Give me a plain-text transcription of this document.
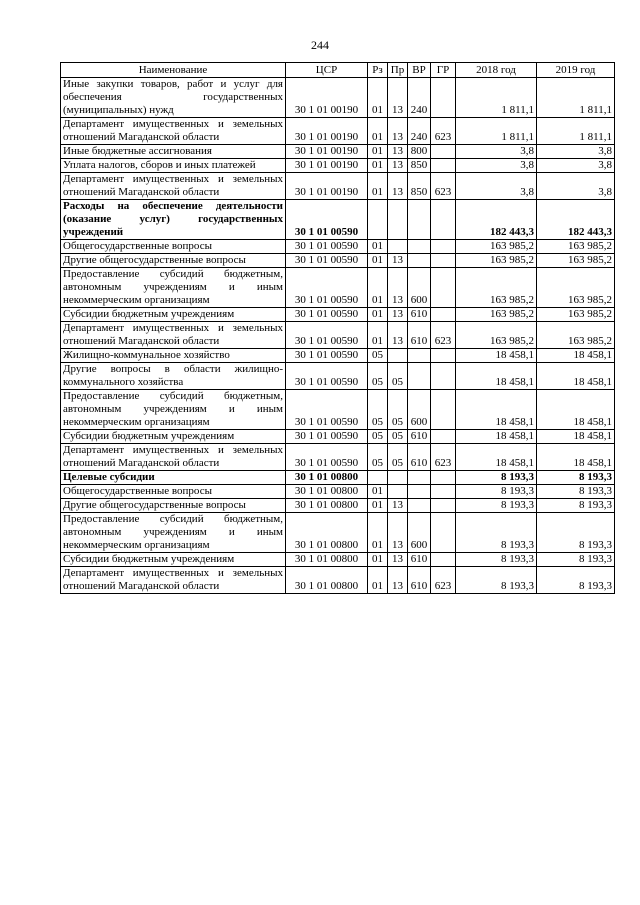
244
Наименование	ЦСР	Рз	Пр	ВР	ГР	2018 год	2019 год
Иные закупки товаров, работ и услуг для обеспечения государственных (муниципальных) нужд	30 1 01 00190	01	13	240		1 811,1	1 811,1
Департамент имущественных и земельных отношений Магаданской области	30 1 01 00190	01	13	240	623	1 811,1	1 811,1
Иные бюджетные ассигнования	30 1 01 00190	01	13	800		3,8	3,8
Уплата налогов, сборов и иных платежей	30 1 01 00190	01	13	850		3,8	3,8
Департамент имущественных и земельных отношений Магаданской области	30 1 01 00190	01	13	850	623	3,8	3,8
Расходы на обеспечение деятельности (оказание услуг) государственных учреждений	30 1 01 00590					182 443,3	182 443,3
Общегосударственные вопросы	30 1 01 00590	01				163 985,2	163 985,2
Другие общегосударственные вопросы	30 1 01 00590	01	13			163 985,2	163 985,2
Предоставление субсидий бюджетным, автономным учреждениям и иным некоммерческим организациям	30 1 01 00590	01	13	600		163 985,2	163 985,2
Субсидии бюджетным учреждениям	30 1 01 00590	01	13	610		163 985,2	163 985,2
Департамент имущественных и земельных отношений Магаданской области	30 1 01 00590	01	13	610	623	163 985,2	163 985,2
Жилищно-коммунальное хозяйство	30 1 01 00590	05				18 458,1	18 458,1
Другие вопросы в области жилищно-коммунального хозяйства	30 1 01 00590	05	05			18 458,1	18 458,1
Предоставление субсидий бюджетным, автономным учреждениям и иным некоммерческим организациям	30 1 01 00590	05	05	600		18 458,1	18 458,1
Субсидии бюджетным учреждениям	30 1 01 00590	05	05	610		18 458,1	18 458,1
Департамент имущественных и земельных отношений Магаданской области	30 1 01 00590	05	05	610	623	18 458,1	18 458,1
Целевые субсидии	30 1 01 00800					8 193,3	8 193,3
Общегосударственные вопросы	30 1 01 00800	01				8 193,3	8 193,3
Другие общегосударственные вопросы	30 1 01 00800	01	13			8 193,3	8 193,3
Предоставление субсидий бюджетным, автономным учреждениям и иным некоммерческим организациям	30 1 01 00800	01	13	600		8 193,3	8 193,3
Субсидии бюджетным учреждениям	30 1 01 00800	01	13	610		8 193,3	8 193,3
Департамент имущественных и земельных отношений Магаданской области	30 1 01 00800	01	13	610	623	8 193,3	8 193,3
